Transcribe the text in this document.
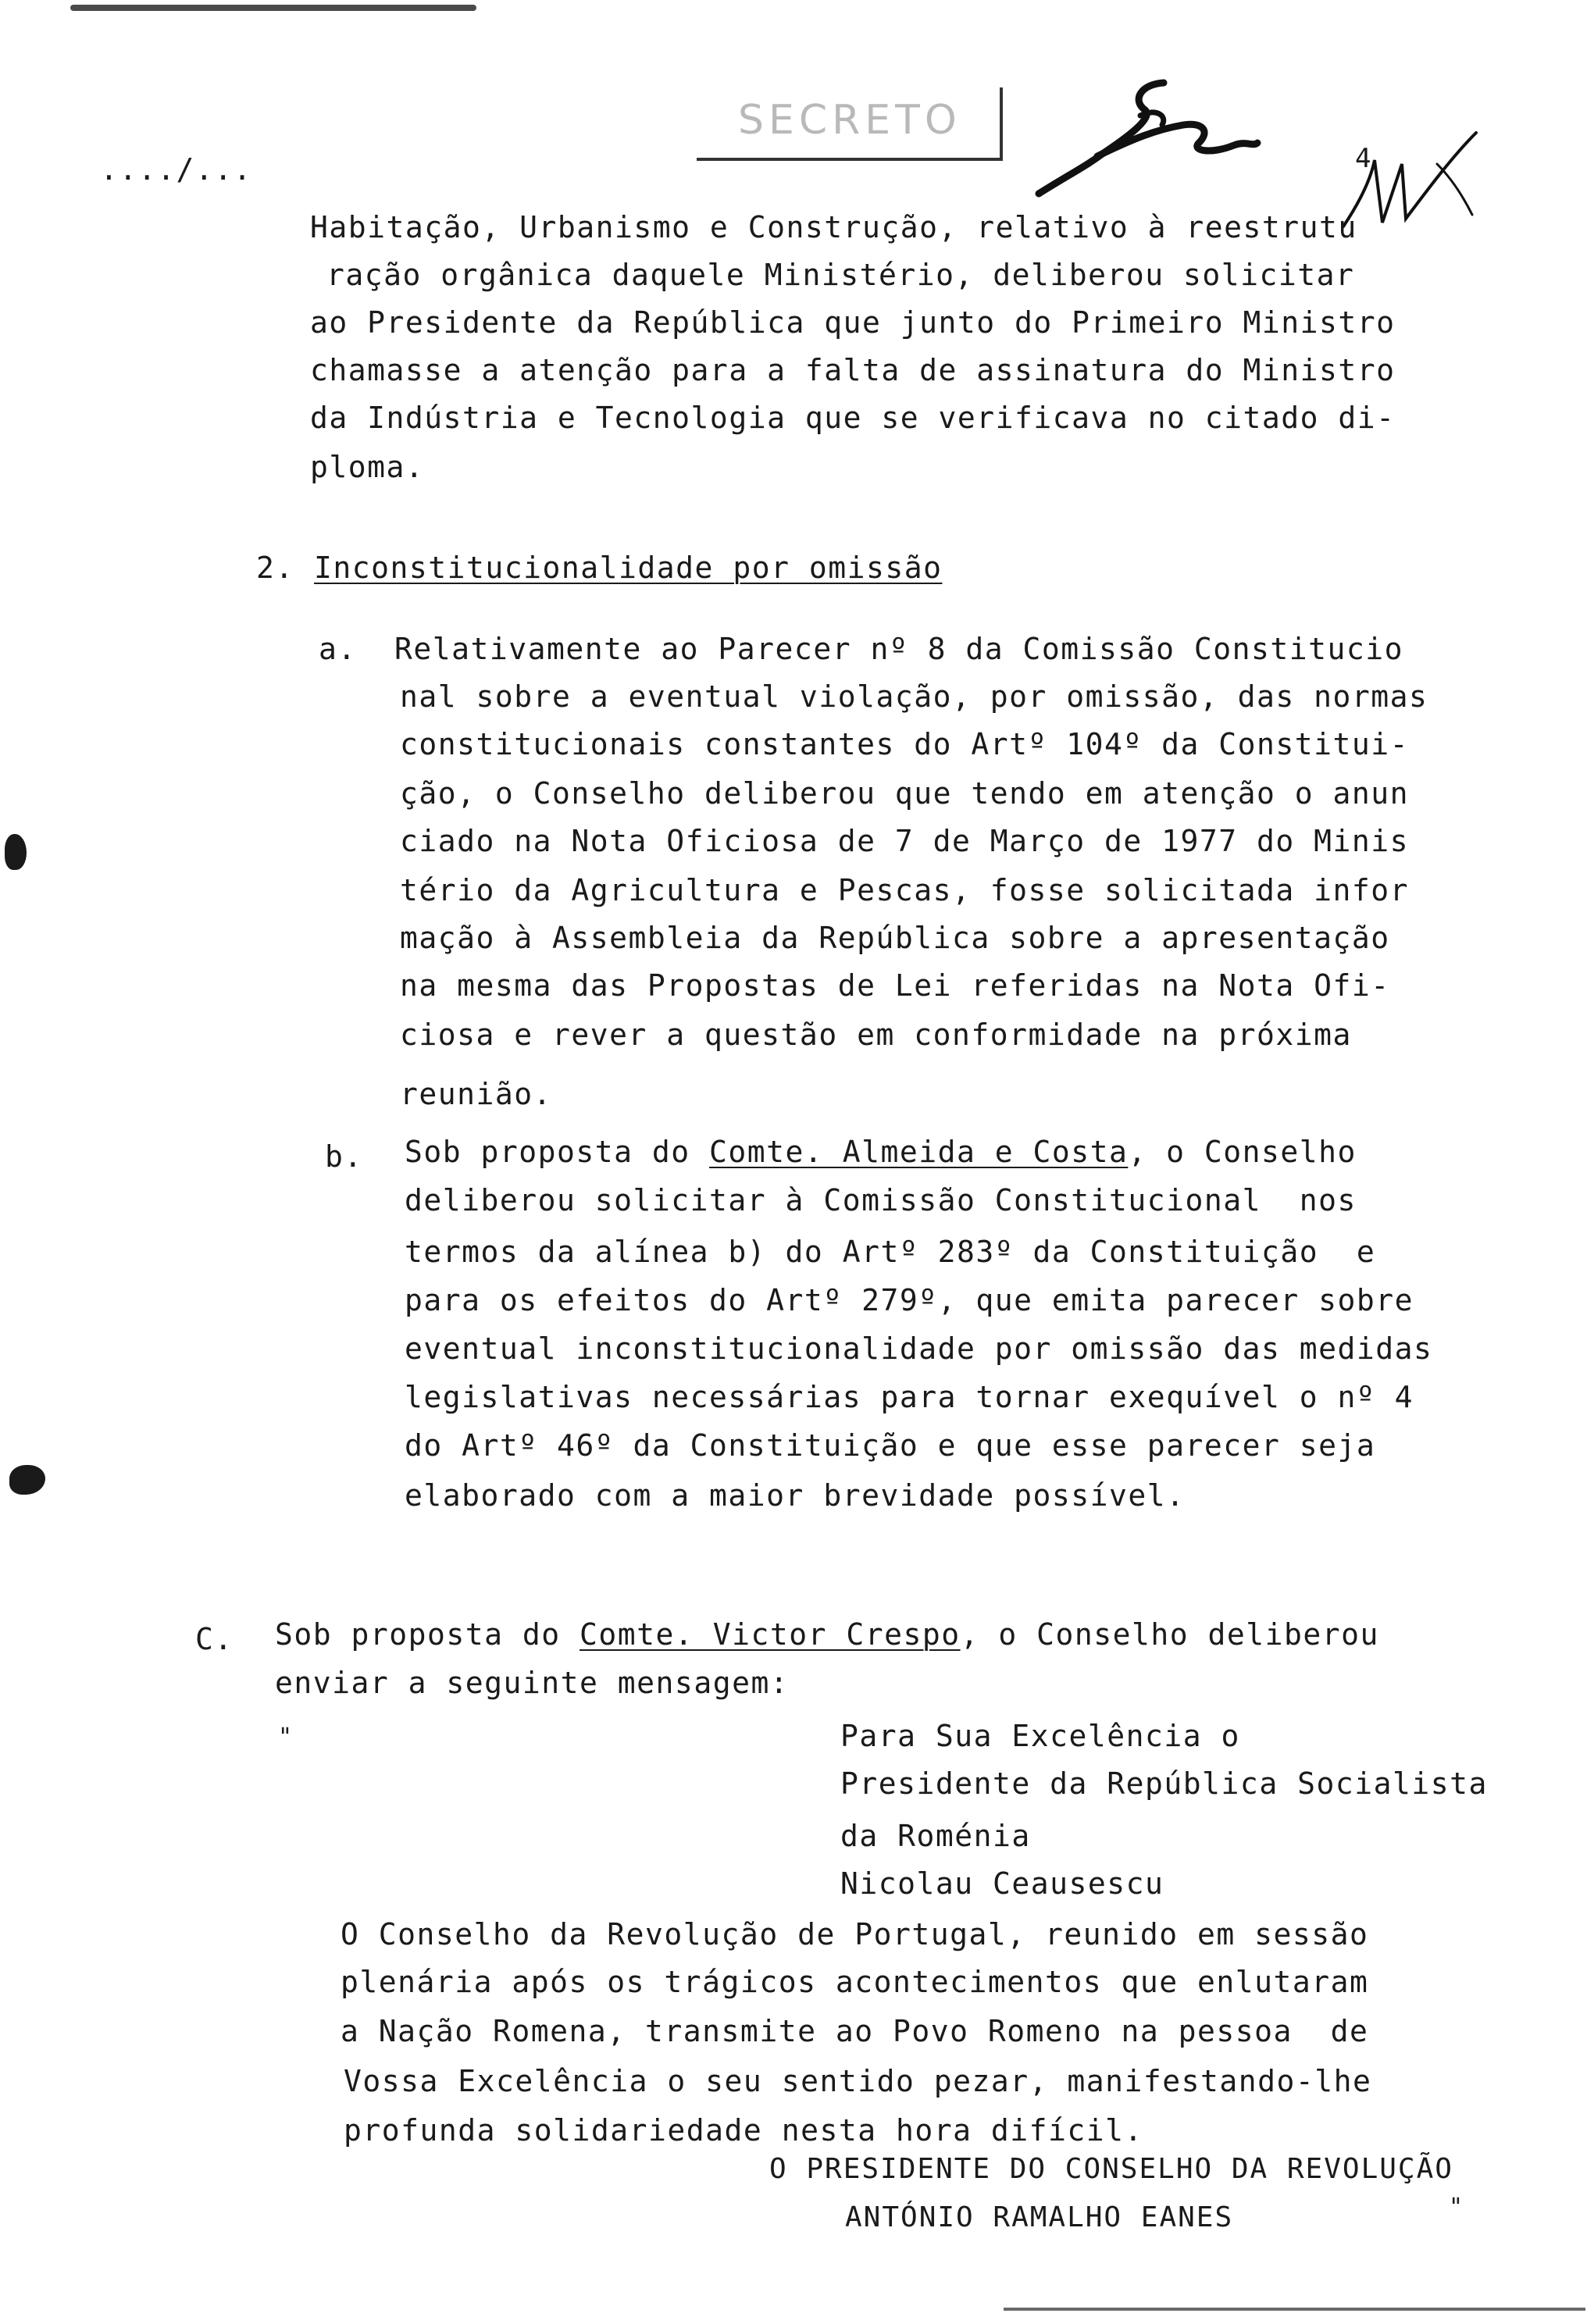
..../...
SECRETO
4
Habitação, Urbanismo e Construção, relativo à reestrutu
ração orgânica daquele Ministério, deliberou solicitar
ao Presidente da República que junto do Primeiro Ministro
chamasse a atenção para a falta de assinatura do Ministro
da Indústria e Tecnologia que se verificava no citado di-
ploma.
2. Inconstitucionalidade por omissão
a. Relativamente ao Parecer nº 8 da Comissão Constitucio
nal sobre a eventual violação, por omissão, das normas
constitucionais constantes do Artº 104º da Constitui-
ção, o Conselho deliberou que tendo em atenção o anun
ciado na Nota Oficiosa de 7 de Março de 1977 do Minis
tério da Agricultura e Pescas, fosse solicitada infor
mação à Assembleia da República sobre a apresentação
na mesma das Propostas de Lei referidas na Nota Ofi-
ciosa e rever a questão em conformidade na próxima
reunião.
b. Sob proposta do Comte. Almeida e Costa, o Conselho
deliberou solicitar à Comissão Constitucional  nos
termos da alínea b) do Artº 283º da Constituição  e
para os efeitos do Artº 279º, que emita parecer sobre
eventual inconstitucionalidade por omissão das medidas
legislativas necessárias para tornar exequível o nº 4
do Artº 46º da Constituição e que esse parecer seja
elaborado com a maior brevidade possível.
C. Sob proposta do Comte. Victor Crespo, o Conselho deliberou
enviar a seguinte mensagem:
"	Para Sua Excelência o
Presidente da República Socialista
da Roménia
Nicolau Ceausescu
O Conselho da Revolução de Portugal, reunido em sessão
plenária após os trágicos acontecimentos que enlutaram
a Nação Romena, transmite ao Povo Romeno na pessoa  de
Vossa Excelência o seu sentido pezar, manifestando-lhe
profunda solidariedade nesta hora difícil.
O PRESIDENTE DO CONSELHO DA REVOLUÇÃO
ANTÓNIO RAMALHO EANES	"
